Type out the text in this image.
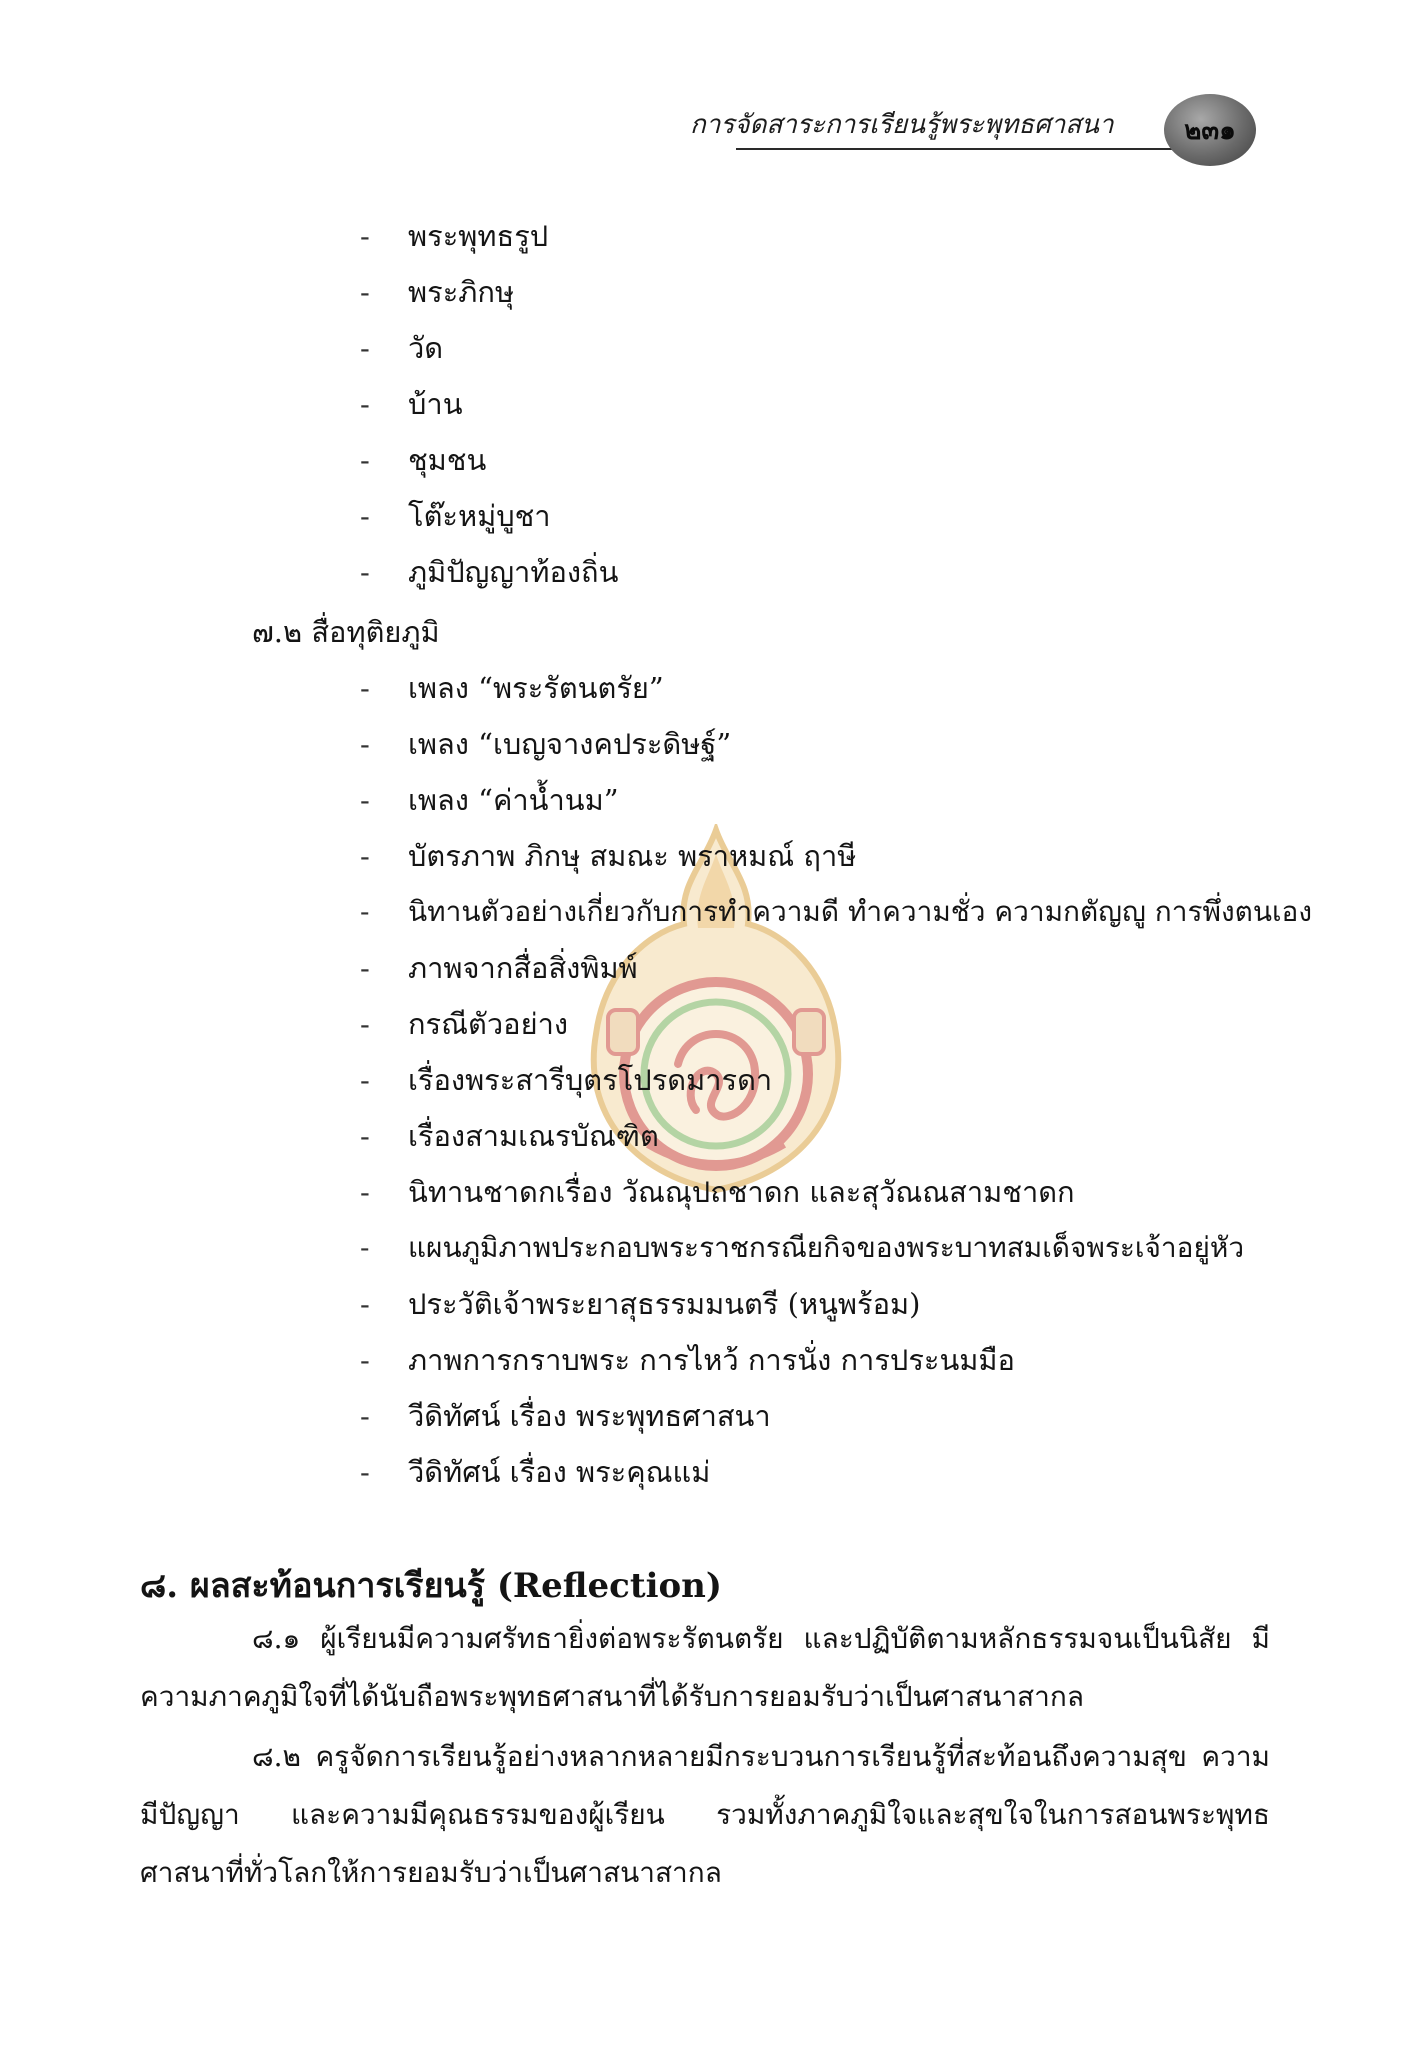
การจัดสาระการเรียนรู้พระพุทธศาสนา	๒๓๑
- พระพุทธรูป
- พระภิกษุ
- วัด
- บ้าน
- ชุมชน
- โต๊ะหมู่บูชา
- ภูมิปัญญาท้องถิ่น
๗.๒ สื่อทุติยภูมิ
- เพลง “พระรัตนตรัย”
- เพลง “เบญจางคประดิษฐ์”
- เพลง “ค่าน้ำนม”
- บัตรภาพ ภิกษุ สมณะ พราหมณ์ ฤาษี
- นิทานตัวอย่างเกี่ยวกับการทำความดี ทำความชั่ว ความกตัญญู การพึ่งตนเอง
- ภาพจากสื่อสิ่งพิมพ์
- กรณีตัวอย่าง
- เรื่องพระสารีบุตรโปรดมารดา
- เรื่องสามเณรบัณฑิต
- นิทานชาดกเรื่อง วัณณุปถชาดก และสุวัณณสามชาดก
- แผนภูมิภาพประกอบพระราชกรณียกิจของพระบาทสมเด็จพระเจ้าอยู่หัว
- ประวัติเจ้าพระยาสุธรรมมนตรี (หนูพร้อม)
- ภาพการกราบพระ การไหว้ การนั่ง การประนมมือ
- วีดิทัศน์ เรื่อง พระพุทธศาสนา
- วีดิทัศน์ เรื่อง พระคุณแม่
๘. ผลสะท้อนการเรียนรู้ (Reflection)
๘.๑ ผู้เรียนมีความศรัทธายิ่งต่อพระรัตนตรัย และปฏิบัติตามหลักธรรมจนเป็นนิสัย มีความภาคภูมิใจที่ได้นับถือพระพุทธศาสนาที่ได้รับการยอมรับว่าเป็นศาสนาสากล
๘.๒ ครูจัดการเรียนรู้อย่างหลากหลายมีกระบวนการเรียนรู้ที่สะท้อนถึงความสุข ความมีปัญญา และความมีคุณธรรมของผู้เรียน รวมทั้งภาคภูมิใจและสุขใจในการสอนพระพุทธศาสนาที่ทั่วโลกให้การยอมรับว่าเป็นศาสนาสากล
